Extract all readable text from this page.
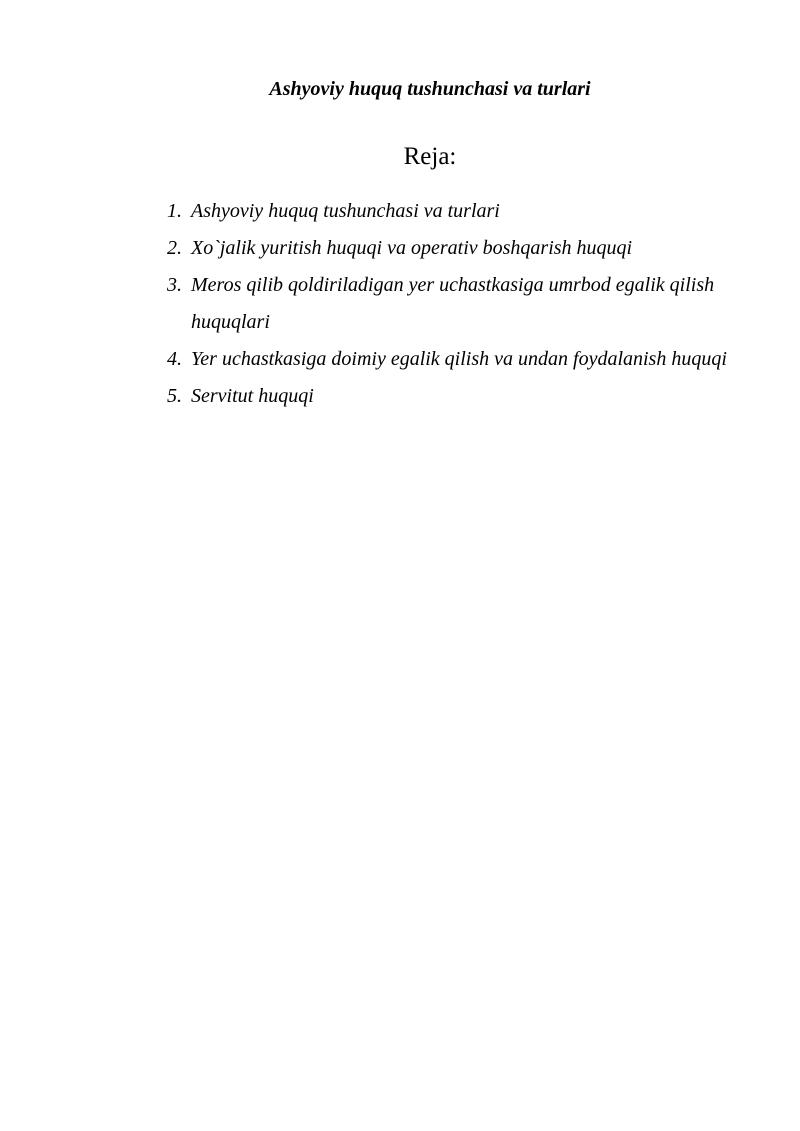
Ashyoviy huquq tushunchasi va turlari
Reja:
1. Ashyoviy huquq tushunchasi va turlari
2. Xo`jalik yuritish huquqi va operativ boshqarish huquqi
3. Meros qilib qoldiriladigan yer uchastkasiga umrbod egalik qilish huquqlari
4. Yer uchastkasiga doimiy egalik qilish va undan foydalanish huquqi
5. Servitut huquqi
